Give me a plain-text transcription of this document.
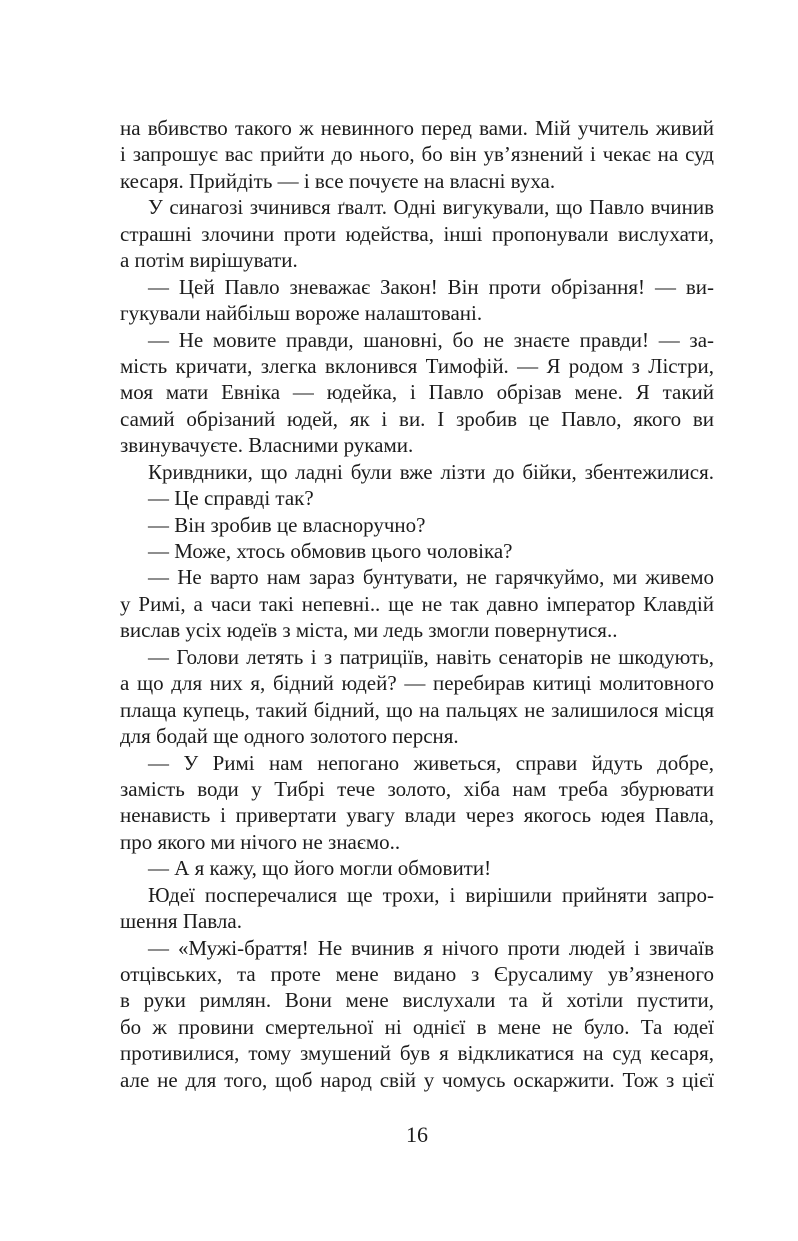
на вбивство такого ж невинного перед вами. Мій учитель живий
і запрошує вас прийти до нього, бо він ув’язнений і чекає на суд
кесаря. Прийдіть — і все почуєте на власні вуха.
У синагозі зчинився ґвалт. Одні вигукували, що Павло вчинив
страшні злочини проти юдейства, інші пропонували вислухати,
а потім вирішувати.
— Цей Павло зневажає Закон! Він проти обрізання! — ви-
гукували найбільш вороже налаштовані.
— Не мовите правди, шановні, бо не знаєте правди! — за-
мість кричати, злегка вклонився Тимофій. — Я родом з Лістри,
моя мати Евніка — юдейка, і Павло обрізав мене. Я такий
самий обрізаний юдей, як і ви. І зробив це Павло, якого ви
звинувачуєте. Власними руками.
Кривдники, що ладні були вже лізти до бійки, збентежилися.
— Це справді так?
— Він зробив це власноручно?
— Може, хтось обмовив цього чоловіка?
— Не варто нам зараз бунтувати, не гарячкуймо, ми живемо
у Римі, а часи такі непевні.. ще не так давно імператор Клавдій
вислав усіх юдеїв з міста, ми ледь змогли повернутися..
— Голови летять і з патриціїв, навіть сенаторів не шкодують,
а що для них я, бідний юдей? — перебирав китиці молитовного
плаща купець, такий бідний, що на пальцях не залишилося місця
для бодай ще одного золотого персня.
— У Римі нам непогано живеться, справи йдуть добре,
замість води у Тибрі тече золото, хіба нам треба збурювати
ненависть і привертати увагу влади через якогось юдея Павла,
про якого ми нічого не знаємо..
— А я кажу, що його могли обмовити!
Юдеї посперечалися ще трохи, і вирішили прийняти запро-
шення Павла.
— «Мужі-браття! Не вчинив я нічого проти людей і звичаїв
отцівських, та проте мене видано з Єрусалиму ув’язненого
в руки римлян. Вони мене вислухали та й хотіли пустити,
бо ж провини смертельної ні однієї в мене не було. Та юдеї
противилися, тому змушений був я відкликатися на суд кесаря,
але не для того, щоб народ свій у чомусь оскаржити. Тож з цієї
16
